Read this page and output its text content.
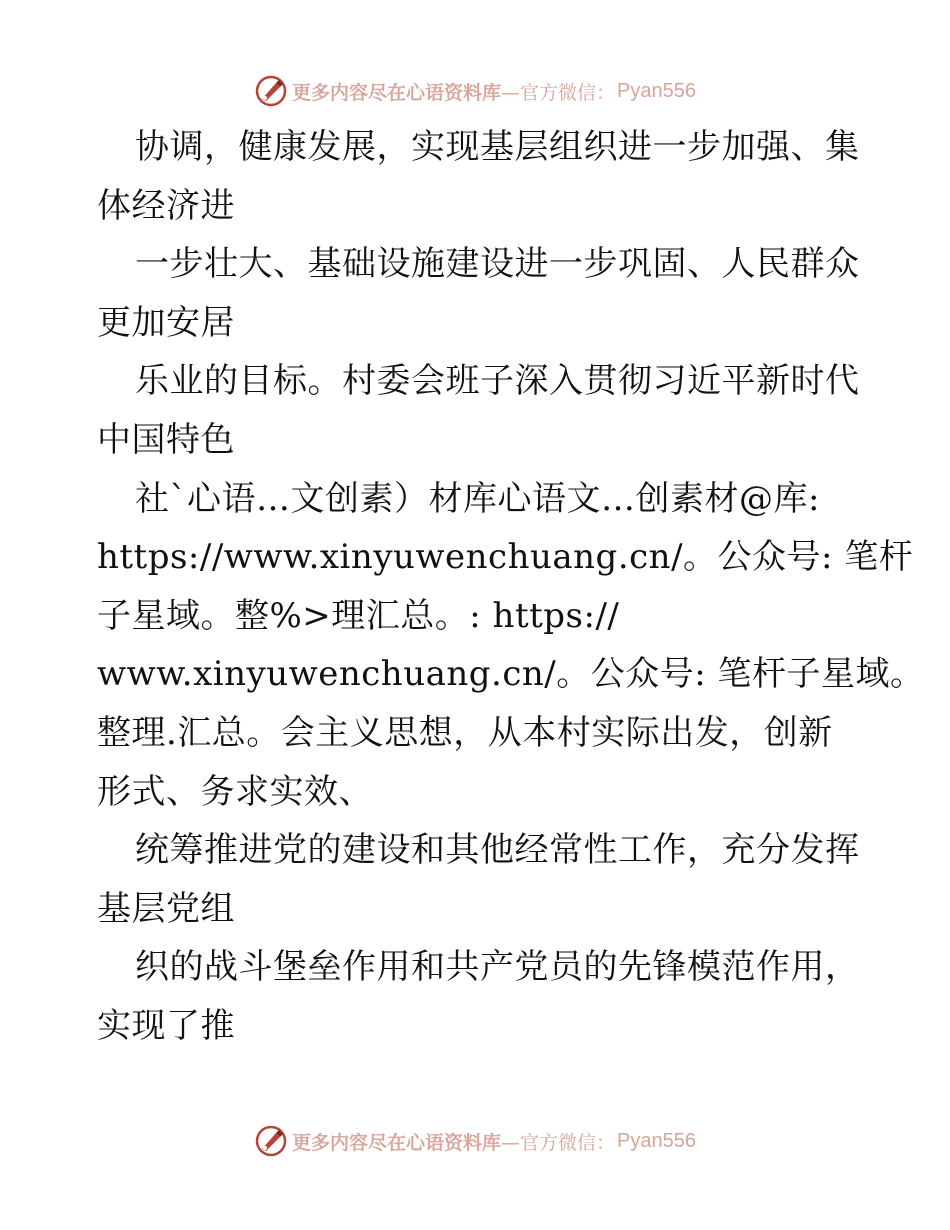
更多内容尽在心语资料库 —官方微信： Pyan556
协调，健康发展，实现基层组织进一步加强、集
体经济进
一步壮大、基础设施建设进一步巩固、人民群众
更加安居
乐业的目标。村委会班子深入贯彻习近平新时代
中国特色
社`心语…文创素）材库心语文…创素材@库:
https://www.xinyuwenchuang.cn/。公众号: 笔杆
子星域。整%>理汇总。: https://
www.xinyuwenchuang.cn/。公众号: 笔杆子星域。
整理.汇总。会主义思想，从本村实际出发，创新
形式、务求实效、
统筹推进党的建设和其他经常性工作，充分发挥
基层党组
织的战斗堡垒作用和共产党员的先锋模范作用，
实现了推
更多内容尽在心语资料库 —官方微信： Pyan556
